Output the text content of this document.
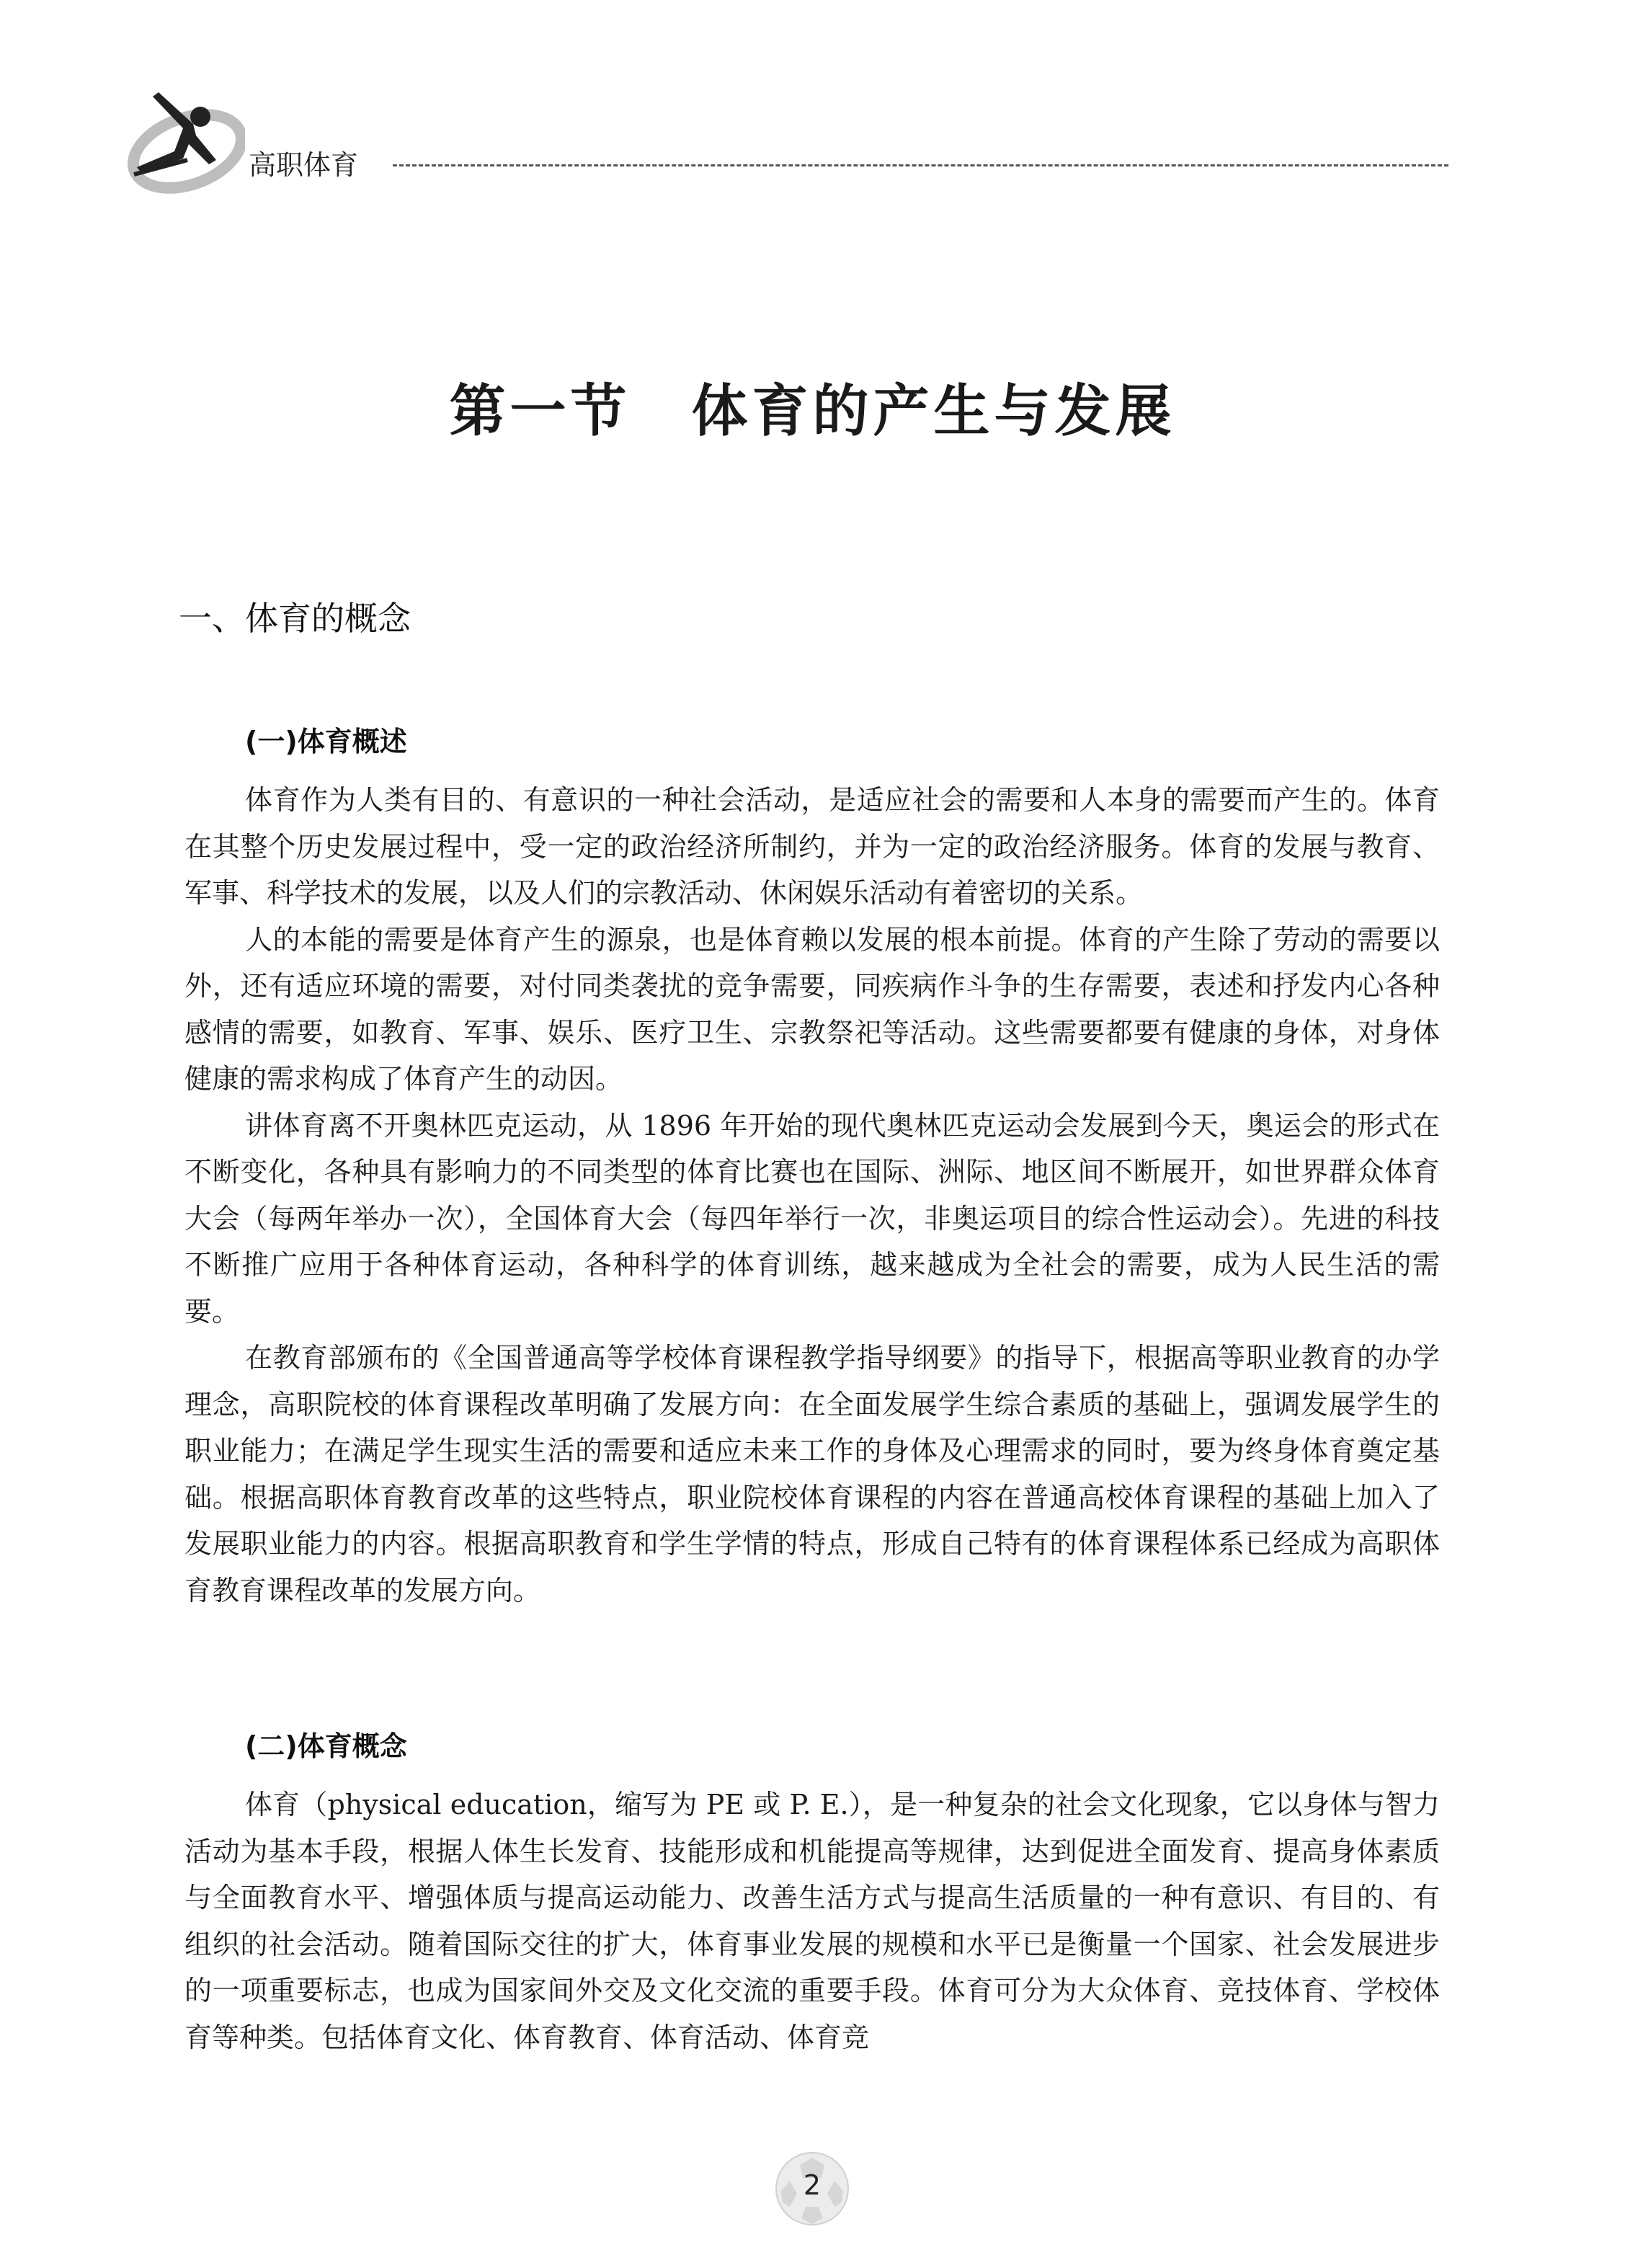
高职体育
第一节　体育的产生与发展
一、体育的概念
(一)体育概述

体育作为人类有目的、有意识的一种社会活动，是适应社会的需要和人本身的需要而产生的。体育在其整个历史发展过程中，受一定的政治经济所制约，并为一定的政治经济服务。体育的发展与教育、军事、科学技术的发展，以及人们的宗教活动、休闲娱乐活动有着密切的关系。

人的本能的需要是体育产生的源泉，也是体育赖以发展的根本前提。体育的产生除了劳动的需要以外，还有适应环境的需要，对付同类袭扰的竞争需要，同疾病作斗争的生存需要，表述和抒发内心各种感情的需要，如教育、军事、娱乐、医疗卫生、宗教祭祀等活动。这些需要都要有健康的身体，对身体健康的需求构成了体育产生的动因。

讲体育离不开奥林匹克运动，从 1896 年开始的现代奥林匹克运动会发展到今天，奥运会的形式在不断变化，各种具有影响力的不同类型的体育比赛也在国际、洲际、地区间不断展开，如世界群众体育大会（每两年举办一次），全国体育大会（每四年举行一次，非奥运项目的综合性运动会）。先进的科技不断推广应用于各种体育运动，各种科学的体育训练，越来越成为全社会的需要，成为人民生活的需要。

在教育部颁布的《全国普通高等学校体育课程教学指导纲要》的指导下，根据高等职业教育的办学理念，高职院校的体育课程改革明确了发展方向：在全面发展学生综合素质的基础上，强调发展学生的职业能力；在满足学生现实生活的需要和适应未来工作的身体及心理需求的同时，要为终身体育奠定基础。根据高职体育教育改革的这些特点，职业院校体育课程的内容在普通高校体育课程的基础上加入了发展职业能力的内容。根据高职教育和学生学情的特点，形成自己特有的体育课程体系已经成为高职体育教育课程改革的发展方向。

(二)体育概念

体育（physical education，缩写为 PE 或 P. E.），是一种复杂的社会文化现象，它以身体与智力活动为基本手段，根据人体生长发育、技能形成和机能提高等规律，达到促进全面发育、提高身体素质与全面教育水平、增强体质与提高运动能力、改善生活方式与提高生活质量的一种有意识、有目的、有组织的社会活动。随着国际交往的扩大，体育事业发展的规模和水平已是衡量一个国家、社会发展进步的一项重要标志，也成为国家间外交及文化交流的重要手段。体育可分为大众体育、竞技体育、学校体育等种类。包括体育文化、体育教育、体育活动、体育竞

2
